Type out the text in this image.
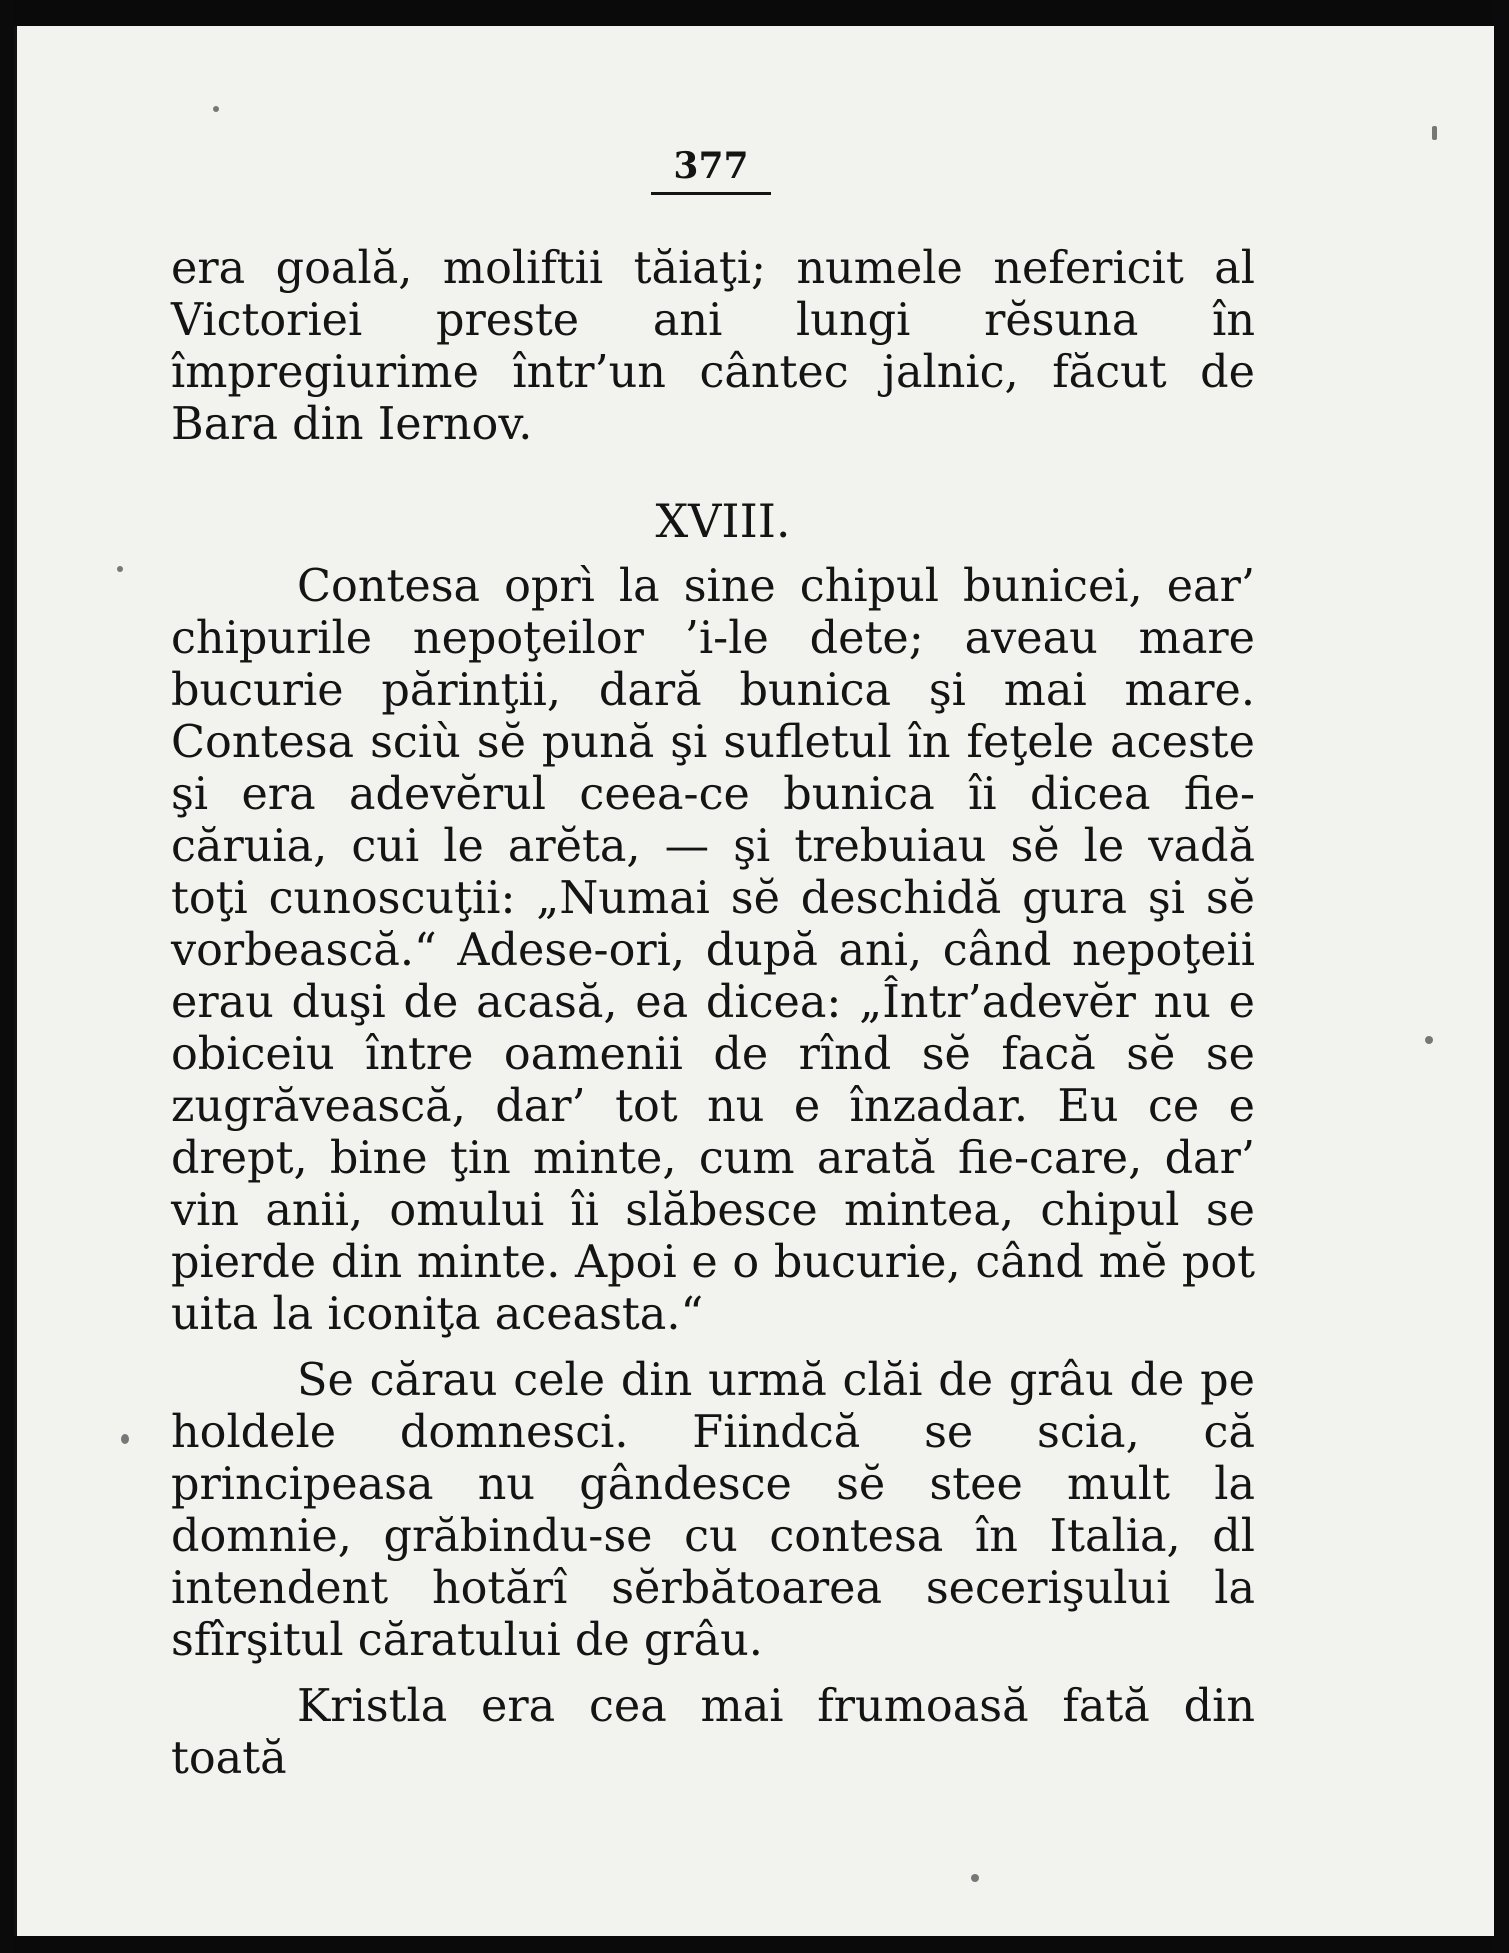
377

era goală, moliftii tăiaţi; numele nefericit al Victoriei preste ani lungi rĕsuna în împregiurime într’un cântec jalnic, făcut de Bara din Iernov.

XVIII.

Contesa oprì la sine chipul bunicei, ear’ chipurile nepoţeilor ’i-le dete; aveau mare bucurie părinţii, dară bunica şi mai mare. Contesa sciù sĕ pună şi sufletul în feţele aceste şi era adevĕrul ceea-ce bunica îi dicea fie-căruia, cui le arĕta, — şi trebuiau sĕ le vadă toţi cunoscuţii: „Numai sĕ deschidă gura şi sĕ vorbească.“ Adese-ori, după ani, când nepoţeii erau duşi de acasă, ea dicea: „Într’adevĕr nu e obiceiu între oamenii de rînd sĕ facă sĕ se zugrăvească, dar’ tot nu e înzadar. Eu ce e drept, bine ţin minte, cum arată fie-care, dar’ vin anii, omului îi slăbesce mintea, chipul se pierde din minte. Apoi e o bucurie, când mĕ pot uita la iconiţa aceasta.“

Se cărau cele din urmă clăi de grâu de pe holdele domnesci. Fiindcă se scia, că principeasa nu gândesce sĕ stee mult la domnie, grăbindu-se cu contesa în Italia, dl intendent hotărî sĕrbătoarea secerişului la sfîrşitul căratului de grâu.

Kristla era cea mai frumoasă fată din toată
